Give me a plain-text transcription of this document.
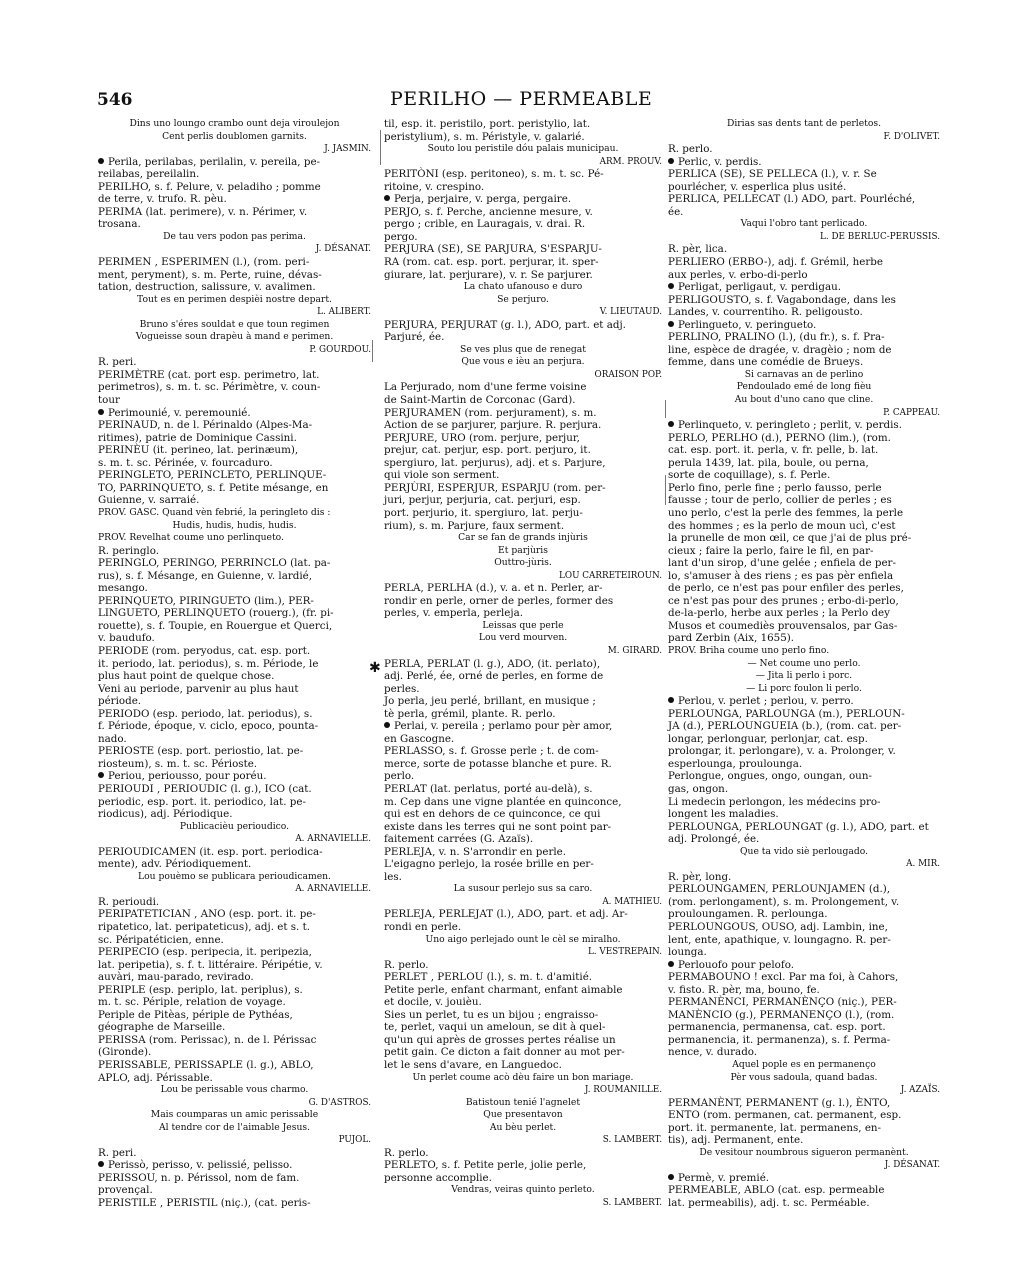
546	PERILHO — PERMEABLE
Dins uno loungo crambo ount deja viroulejon
Cent perlis doublomen garnits.
J. JASMIN.
Perila, perilabas, perilalin, v. pereila, pe-
reilabas, pereilalin.
PERILHO, s. f. Pelure, v. peladiho ; pomme
de terre, v. trufo. R. pèu.
PERIMA (lat. perimere), v. n. Périmer, v.
trosana.
De tau vers podon pas perima.
J. DÉSANAT.
PERIMEN , ESPERIMEN (l.), (rom. peri-
ment, peryment), s. m. Perte, ruine, dévas-
tation, destruction, salissure, v. avalimen.
Tout es en perimen despièi nostre depart.
L. ALIBERT.
Bruno s'éres souldat e que toun regimen
Vogueisse soun drapèu à mand e perimen.
P. GOURDOU.
R. peri.
PERIMÈTRE (cat. port esp. perimetro, lat.
perimetros), s. m. t. sc. Périmètre, v. coun-
tour
Perimounié, v. peremounié.
PERINAUD, n. de l. Périnaldo (Alpes-Ma-
ritimes), patrie de Dominique Cassini.
PERINÈU (it. perineo, lat. perinæum),
s. m. t. sc. Périnée, v. fourcaduro.
PERINGLETO, PERINCLETO, PERLINQUE-
TO, PARRINQUETO, s. f. Petite mésange, en
Guienne, v. sarraié.
PROV. GASC. Quand vèn febrié, la peringleto dis :
Hudis, hudis, hudis, hudis.
PROV. Revelhat coume uno perlinqueto.
R. peringlo.
PERINGLO, PERINGO, PERRINCLO (lat. pa-
rus), s. f. Mésange, en Guienne, v. lardié,
mesango.
PERINQUETO, PIRINGUETO (lim.), PER-
LINGUETO, PERLINQUETO (rouerg.), (fr. pi-
rouette), s. f. Toupie, en Rouergue et Querci,
v. baudufo.
PERIODE (rom. peryodus, cat. esp. port.
it. periodo, lat. periodus), s. m. Période, le
plus haut point de quelque chose.
Veni au periode, parvenir au plus haut
période.
PERIODO (esp. periodo, lat. periodus), s.
f. Période, époque, v. ciclo, epoco, pounta-
nado.
PERIOSTE (esp. port. periostio, lat. pe-
riosteum), s. m. t. sc. Périoste.
Periou, periousso, pour poréu.
PERIOUDI , PERIOUDIC (l. g.), ICO (cat.
periodic, esp. port. it. periodico, lat. pe-
riodicus), adj. Périodique.
Publicacièu perioudico.
A. ARNAVIELLE.
PERIOUDICAMEN (it. esp. port. periodica-
mente), adv. Périodiquement.
Lou pouèmo se publicara perioudicamen.
A. ARNAVIELLE.
R. perioudi.
PERIPATETICIAN , ANO (esp. port. it. pe-
ripatetico, lat. peripateticus), adj. et s. t.
sc. Péripatéticien, enne.
PERIPECIO (esp. peripecia, it. peripezia,
lat. peripetia), s. f. t. littéraire. Péripétie, v.
auvàri, mau-parado, revirado.
PERIPLE (esp. periplo, lat. periplus), s.
m. t. sc. Périple, relation de voyage.
Periple de Pitèas, périple de Pythéas,
géographe de Marseille.
PERISSA (rom. Perissac), n. de l. Périssac
(Gironde).
PERISSABLE, PERISSAPLE (l. g.), ABLO,
APLO, adj. Périssable.
Lou be perissable vous charmo.
G. D'ASTROS.
Mais coumparas un amic perissable
Al tendre cor de l'aimable Jesus.
PUJOL.
R. peri.
Perissò, perisso, v. pelissié, pelisso.
PERISSOU, n. p. Périssol, nom de fam.
provençal.
PERISTILE , PERISTIL (niç.), (cat. peris-
til, esp. it. peristilo, port. peristylio, lat.
peristylium), s. m. Péristyle, v. galarié.
Souto lou peristile dóu palais municipau.
ARM. PROUV.
PERITÒNI (esp. peritoneo), s. m. t. sc. Pé-
ritoine, v. crespino.
Perja, perjaire, v. perga, pergaire.
PERJO, s. f. Perche, ancienne mesure, v.
pergo ; crible, en Lauragais, v. drai. R.
pergo.
PERJURA (SE), SE PARJURA, S'ESPARJU-
RA (rom. cat. esp. port. perjurar, it. sper-
giurare, lat. perjurare), v. r. Se parjurer.
La chato ufanouso e duro
Se perjuro.
V. LIEUTAUD.
PERJURA, PERJURAT (g. l.), ADO, part. et adj.
Parjuré, ée.
Se ves plus que de renegat
Que vous e ièu an perjura.
ORAISON POP.
La Perjurado, nom d'une ferme voisine
de Saint-Martin de Corconac (Gard).
PERJURAMEN (rom. perjurament), s. m.
Action de se parjurer, parjure. R. perjura.
PERJURE, URO (rom. perjure, perjur,
prejur, cat. perjur, esp. port. perjuro, it.
spergiuro, lat. perjurus), adj. et s. Parjure,
qui viole son serment.
PERJÙRI, ESPERJUR, ESPARJU (rom. per-
juri, perjur, perjuria, cat. perjuri, esp.
port. perjurio, it. spergiuro, lat. perju-
rium), s. m. Parjure, faux serment.
Car se fan de grands injùris
Et parjùris
Outtro-jùris.
LOU CARRETEIROUN.
PERLA, PERLHA (d.), v. a. et n. Perler, ar-
rondir en perle, orner de perles, former des
perles, v. emperla, perleja.
Leissas que perle
Lou verd mourven.
M. GIRARD.
PERLA, PERLAT (l. g.), ADO, (it. perlato),
adj. Perlé, ée, orné de perles, en forme de
perles.
Jo perla, jeu perlé, brillant, en musique ;
tè perla, grémil, plante. R. perlo.
Perlai, v. pereila ; perlamo pour pèr amor,
en Gascogne.
PERLASSO, s. f. Grosse perle ; t. de com-
merce, sorte de potasse blanche et pure. R.
perlo.
PERLAT (lat. perlatus, porté au-delà), s.
m. Cep dans une vigne plantée en quinconce,
qui est en dehors de ce quinconce, ce qui
existe dans les terres qui ne sont point par-
faitement carrées (G. Azaïs).
PERLEJA, v. n. S'arrondir en perle.
L'eigagno perlejo, la rosée brille en per-
les.
La susour perlejo sus sa caro.
A. MATHIEU.
PERLEJA, PERLEJAT (l.), ADO, part. et adj. Ar-
rondi en perle.
Uno aigo perlejado ount le cèl se miralho.
L. VESTREPAIN.
R. perlo.
PERLET , PERLOU (l.), s. m. t. d'amitié.
Petite perle, enfant charmant, enfant aimable
et docile, v. jouièu.
Sies un perlet, tu es un bijou ; engraisso-
te, perlet, vaqui un ameloun, se dit à quel-
qu'un qui après de grosses pertes réalise un
petit gain. Ce dicton a fait donner au mot per-
let le sens d'avare, en Languedoc.
Un perlet coume acò dèu faire un bon mariage.
J. ROUMANILLE.
Batistoun tenié l'agnelet
Que presentavon
Au bèu perlet.
S. LAMBERT.
R. perlo.
PERLETO, s. f. Petite perle, jolie perle,
personne accomplie.
Vendras, veiras quinto perleto.
S. LAMBERT.
Dirias sas dents tant de perletos.
F. D'OLIVET.
R. perlo.
Perlic, v. perdis.
PERLICA (SE), SE PELLECA (l.), v. r. Se
pourlécher, v. esperlica plus usité.
PERLICA, PELLECAT (l.) ADO, part. Pourléché,
ée.
Vaqui l'obro tant perlicado.
L. DE BERLUC-PERUSSIS.
R. pèr, lica.
PERLIERO (ERBO-), adj. f. Grémil, herbe
aux perles, v. erbo-di-perlo
Perligat, perligaut, v. perdigau.
PERLIGOUSTO, s. f. Vagabondage, dans les
Landes, v. courrentiho. R. peligousto.
Perlingueto, v. peringueto.
PERLINO, PRALINO (l.), (du fr.), s. f. Pra-
line, espèce de dragée, v. dragèio ; nom de
femme, dans une comédie de Brueys.
Si carnavas an de perlino
Pendoulado emé de long fièu
Au bout d'uno cano que cline.
P. CAPPEAU.
Perlinqueto, v. peringleto ; perlit, v. perdis.
PERLO, PERLHO (d.), PERNO (lim.), (rom.
cat. esp. port. it. perla, v. fr. pelle, b. lat.
perula 1439, lat. pila, boule, ou perna,
sorte de coquillage), s. f. Perle.
Perlo fino, perle fine ; perlo fausso, perle
fausse ; tour de perlo, collier de perles ; es
uno perlo, c'est la perle des femmes, la perle
des hommes ; es la perlo de moun ucì, c'est
la prunelle de mon œil, ce que j'ai de plus pré-
cieux ; faire la perlo, faire le fil, en par-
lant d'un sirop, d'une gelée ; enfiela de per-
lo, s'amuser à des riens ; es pas pèr enfiela
de perlo, ce n'est pas pour enfiler des perles,
ce n'est pas pour des prunes ; erbo-di-perlo,
de-la-perlo, herbe aux perles ; la Perlo dey
Musos et coumediès prouvensalos, par Gas-
pard Zerbin (Aix, 1655).
PROV. Briha coume uno perlo fino.
— Net coume uno perlo.
— Jita li perlo i porc.
— Li porc foulon li perlo.
Perlou, v. perlet ; perlou, v. perro.
PERLOUNGA, PARLOUNGA (m.), PERLOUN-
JA (d.), PERLOUNGUEIA (b.), (rom. cat. per-
longar, perlonguar, perlonjar, cat. esp.
prolongar, it. perlongare), v. a. Prolonger, v.
esperlounga, proulounga.
Perlongue, ongues, ongo, oungan, oun-
gas, ongon.
Li medecin perlongon, les médecins pro-
longent les maladies.
PERLOUNGA, PERLOUNGAT (g. l.), ADO, part. et
adj. Prolongé, ée.
Que ta vido siè perlougado.
A. MIR.
R. pèr, long.
PERLOUNGAMEN, PERLOUNJAMEN (d.),
(rom. perlongament), s. m. Prolongement, v.
prouloungamen. R. perlounga.
PERLOUNGOUS, OUSO, adj. Lambin, ine,
lent, ente, apathique, v. loungagno. R. per-
lounga.
Perlouofo pour pelofo.
PERMABOUNO ! excl. Par ma foi, à Cahors,
v. fisto. R. pèr, ma, bouno, fe.
PERMANÈNCI, PERMANÈNÇO (niç.), PER-
MANÈNCIO (g.), PERMANENÇO (l.), (rom.
permanencia, permanensa, cat. esp. port.
permanencia, it. permanenza), s. f. Perma-
nence, v. durado.
Aquel pople es en permanenço
Pèr vous sadoula, quand badas.
J. AZAÏS.
PERMANÈNT, PERMANENT (g. l.), ÈNTO,
ENTO (rom. permanen, cat. permanent, esp.
port. it. permanente, lat. permanens, en-
tis), adj. Permanent, ente.
De vesitour noumbrous sigueron permanènt.
J. DÉSANAT.
Permè, v. premié.
PERMEABLE, ABLO (cat. esp. permeable
lat. permeabilis), adj. t. sc. Perméable.
✱
